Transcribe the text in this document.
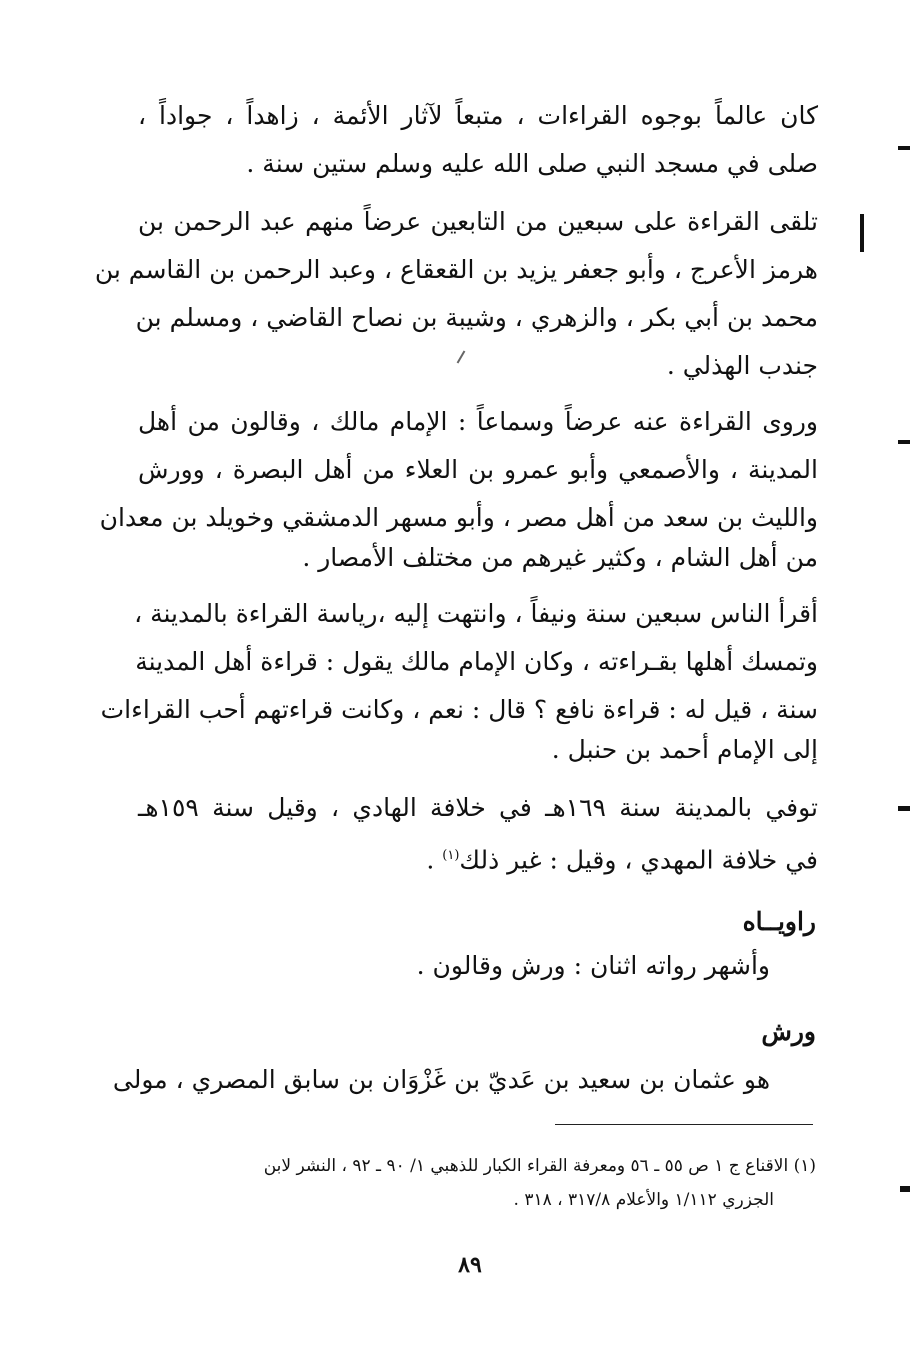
كان عالماً بوجوه القراءات ، متبعاً لآثار الأئمة ، زاهداً ، جواداً ،
صلى في مسجد النبي صلى الله عليه وسلم ستين سنة .
تلقى القراءة على سبعين من التابعين عرضاً منهم عبد الرحمن بن
هرمز الأعرج ، وأبو جعفر يزيد بن القعقاع ، وعبد الرحمن بن القاسم بن
محمد بن أبي بكر ، والزهري ، وشيبة بن نصاح القاضي ، ومسلم بن
جندب الهذلي .
وروى القراءة عنه عرضاً وسماعاً : الإمام مالك ، وقالون من أهل
المدينة ، والأصمعي وأبو عمرو بن العلاء من أهل البصرة ، وورش
والليث بن سعد من أهل مصر ، وأبو مسهر الدمشقي وخويلد بن معدان
من أهل الشام ، وكثير غيرهم من مختلف الأمصار .
أقرأ الناس سبعين سنة ونيفاً ، وانتهت إليه ،رياسة القراءة بالمدينة ،
وتمسك أهلها بقـراءته ، وكان الإمام مالك يقول : قراءة أهل المدينة
سنة ، قيل له : قراءة نافع ؟ قال : نعم ، وكانت قراءتهم أحب القراءات
إلى الإمام أحمد بن حنبل .
توفي بالمدينة سنة ١٦٩هـ في خلافة الهادي ، وقيل سنة ١٥٩هـ
في خلافة المهدي ، وقيل : غير ذلك$^{(١)}$ .
راويــاه
وأشهر رواته اثنان : ورش وقالون .
ورش
هو عثمان بن سعيد بن عَديّ بن غَزْوَان بن سابق المصري ، مولى
(١) الاقناع ج ١ ص ٥٥ ـ ٥٦ ومعرفة القراء الكبار للذهبي ١/ ٩٠ ـ ٩٢ ، النشر لابن
الجزري ١/١١٢ والأعلام ٣١٧/٨ ، ٣١٨ .
٨٩
